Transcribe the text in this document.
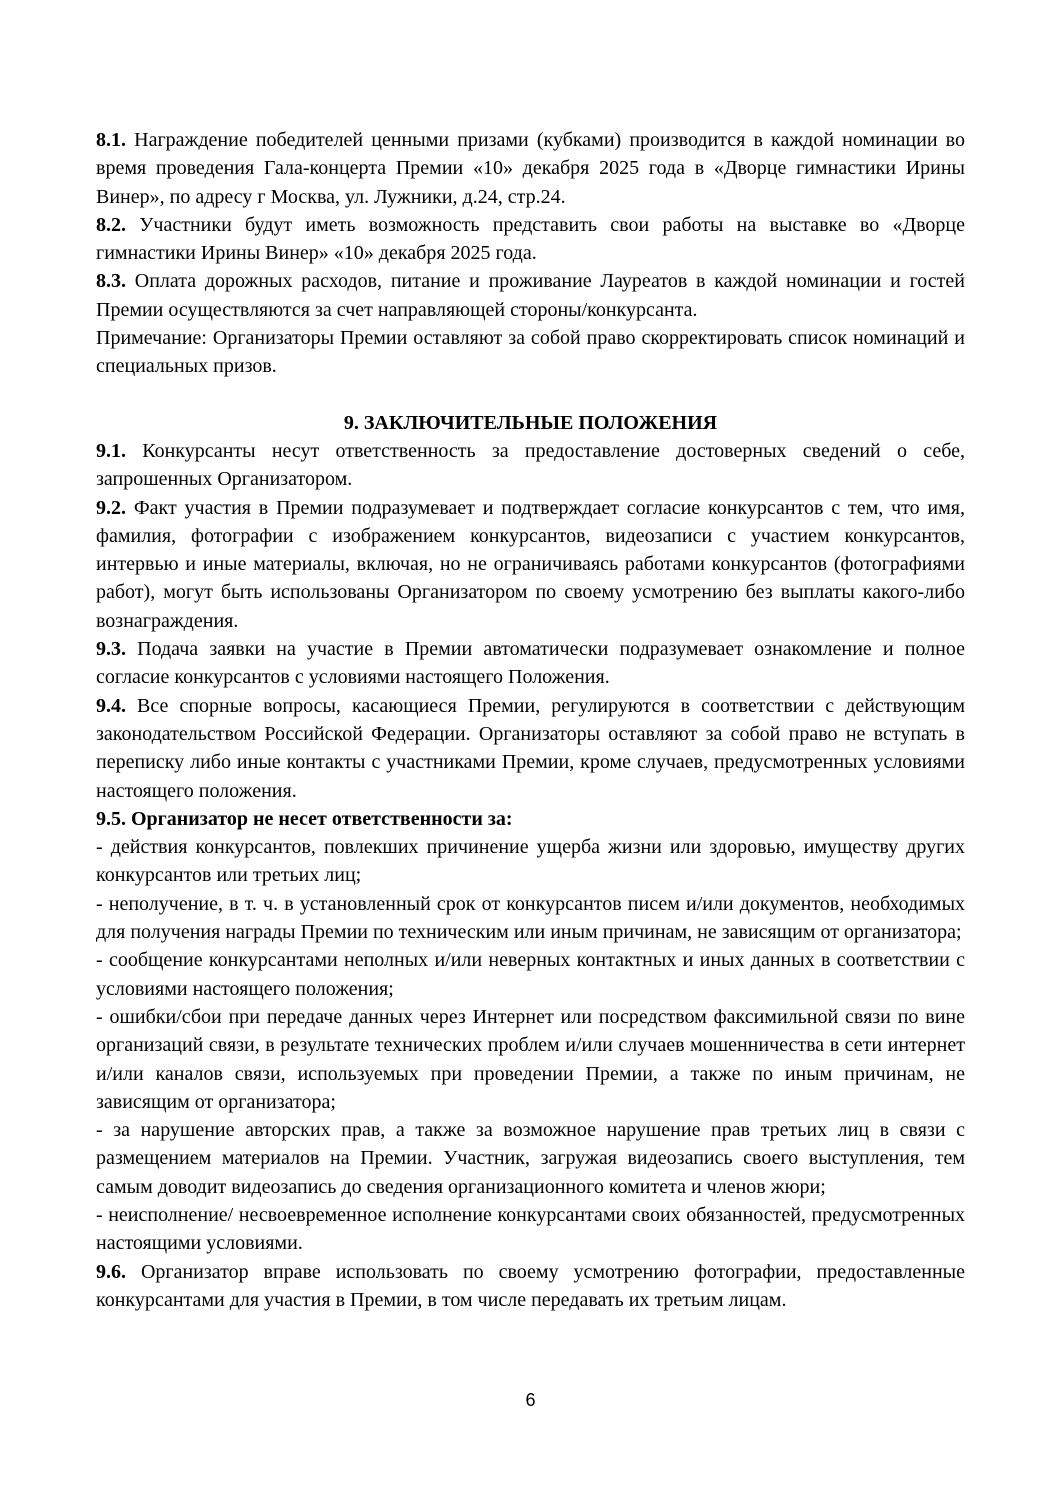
8.1. Награждение победителей ценными призами (кубками) производится в каждой номинации во время проведения Гала-концерта Премии «10» декабря 2025 года в «Дворце гимнастики Ирины Винер», по адресу г Москва, ул. Лужники, д.24, стр.24.

8.2. Участники будут иметь возможность представить свои работы на выставке во «Дворце гимнастики Ирины Винер» «10» декабря 2025 года.

8.3. Оплата дорожных расходов, питание и проживание Лауреатов в каждой номинации и гостей Премии осуществляются за счет направляющей стороны/конкурсанта.

Примечание: Организаторы Премии оставляют за собой право скорректировать список номинаций и специальных призов.

9. ЗАКЛЮЧИТЕЛЬНЫЕ ПОЛОЖЕНИЯ

9.1. Конкурсанты несут ответственность за предоставление достоверных сведений о себе, запрошенных Организатором.

9.2. Факт участия в Премии подразумевает и подтверждает согласие конкурсантов с тем, что имя, фамилия, фотографии с изображением конкурсантов, видеозаписи с участием конкурсантов, интервью и иные материалы, включая, но не ограничиваясь работами конкурсантов (фотографиями работ), могут быть использованы Организатором по своему усмотрению без выплаты какого-либо вознаграждения.

9.3. Подача заявки на участие в Премии автоматически подразумевает ознакомление и полное согласие конкурсантов с условиями настоящего Положения.

9.4. Все спорные вопросы, касающиеся Премии, регулируются в соответствии с действующим законодательством Российской Федерации. Организаторы оставляют за собой право не вступать в переписку либо иные контакты с участниками Премии, кроме случаев, предусмотренных условиями настоящего положения.

9.5. Организатор не несет ответственности за:

- действия конкурсантов, повлекших причинение ущерба жизни или здоровью, имуществу других конкурсантов или третьих лиц;

- неполучение, в т. ч. в установленный срок от конкурсантов писем и/или документов, необходимых для получения награды Премии по техническим или иным причинам, не зависящим от организатора;

- сообщение конкурсантами неполных и/или неверных контактных и иных данных в соответствии с условиями настоящего положения;

- ошибки/сбои при передаче данных через Интернет или посредством факсимильной связи по вине организаций связи, в результате технических проблем и/или случаев мошенничества в сети интернет и/или каналов связи, используемых при проведении Премии, а также по иным причинам, не зависящим от организатора;

- за нарушение авторских прав, а также за возможное нарушение прав третьих лиц в связи с размещением материалов на Премии. Участник, загружая видеозапись своего выступления, тем самым доводит видеозапись до сведения организационного комитета и членов жюри;

- неисполнение/ несвоевременное исполнение конкурсантами своих обязанностей, предусмотренных настоящими условиями.

9.6. Организатор вправе использовать по своему усмотрению фотографии, предоставленные конкурсантами для участия в Премии, в том числе передавать их третьим лицам.

6
